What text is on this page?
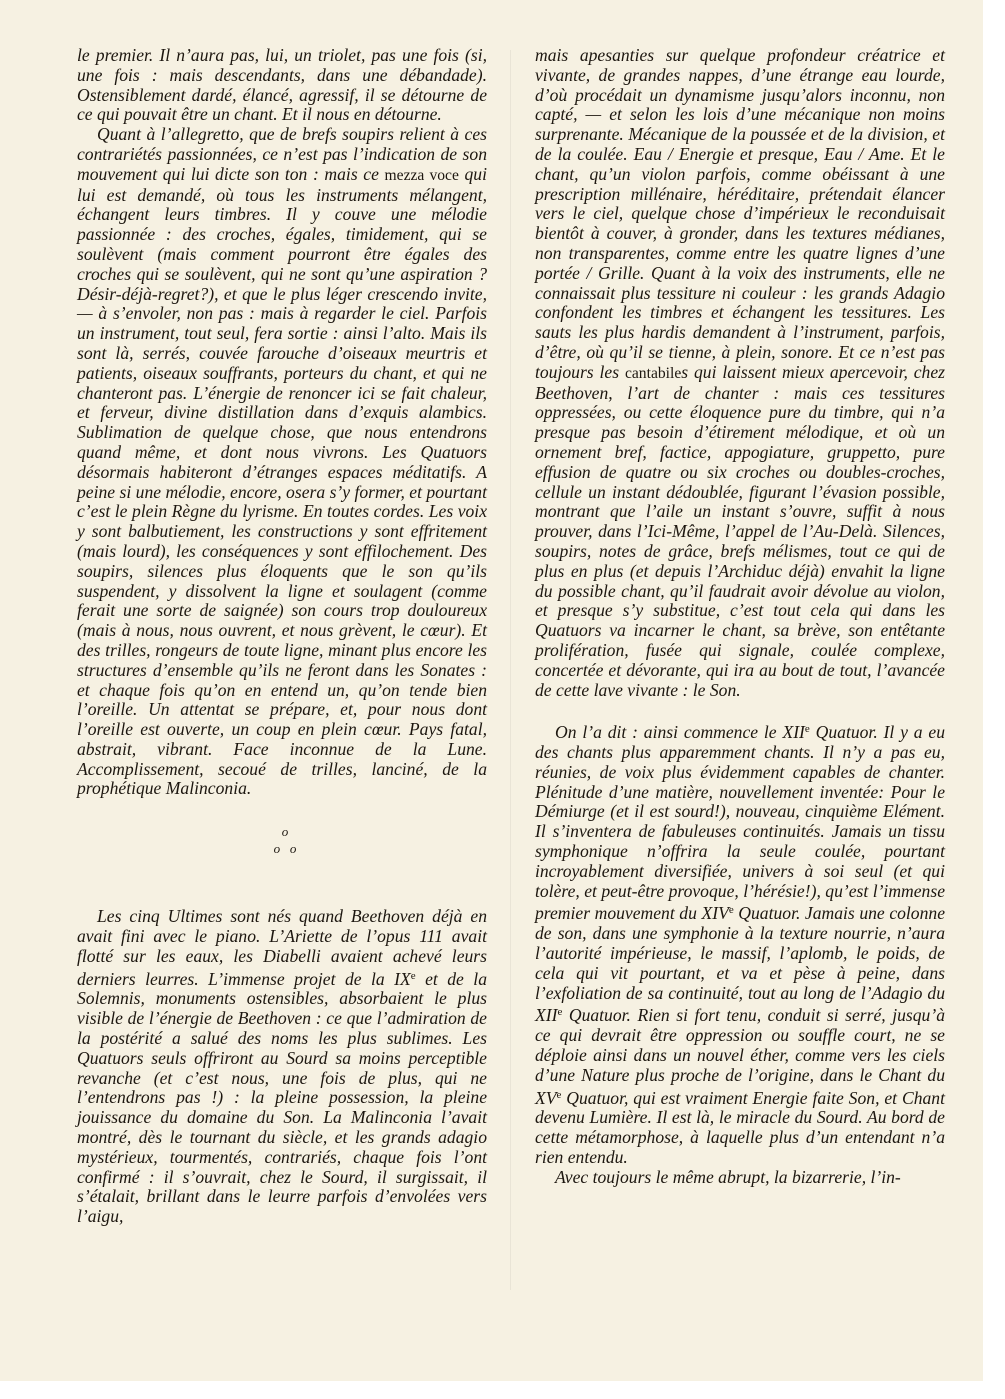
le premier. Il n’aura pas, lui, un triolet, pas une fois (si, une fois : mais descendants, dans une débandade). Ostensiblement dardé, élancé, agressif, il se détourne de ce qui pouvait être un chant. Et il nous en détourne.

Quant à l’allegretto, que de brefs soupirs relient à ces contrariétés passionnées, ce n’est pas l’indication de son mouvement qui lui dicte son ton : mais ce mezza voce qui lui est demandé, où tous les instruments mélangent, échangent leurs timbres. Il y couve une mélodie passionnée : des croches, égales, timidement, qui se soulèvent (mais comment pourront être égales des croches qui se soulèvent, qui ne sont qu’une aspiration ? Désir-déjà-regret?), et que le plus léger crescendo invite, — à s’envoler, non pas : mais à regarder le ciel. Parfois un instrument, tout seul, fera sortie : ainsi l’alto. Mais ils sont là, serrés, couvée farouche d’oiseaux meurtris et patients, oiseaux souffrants, porteurs du chant, et qui ne chanteront pas. L’énergie de renoncer ici se fait chaleur, et ferveur, divine distillation dans d’exquis alambics. Sublimation de quelque chose, que nous entendrons quand même, et dont nous vivrons. Les Quatuors désormais habiteront d’étranges espaces méditatifs. A peine si une mélodie, encore, osera s’y former, et pourtant c’est le plein Règne du lyrisme. En toutes cordes. Les voix y sont balbutiement, les constructions y sont effritement (mais lourd), les conséquences y sont effilochement. Des soupirs, silences plus éloquents que le son qu’ils suspendent, y dissolvent la ligne et soulagent (comme ferait une sorte de saignée) son cours trop douloureux (mais à nous, nous ouvrent, et nous grèvent, le cœur). Et des trilles, rongeurs de toute ligne, minant plus encore les structures d’ensemble qu’ils ne feront dans les Sonates : et chaque fois qu’on en entend un, qu’on tende bien l’oreille. Un attentat se prépare, et, pour nous dont l’oreille est ouverte, un coup en plein cœur. Pays fatal, abstrait, vibrant. Face inconnue de la Lune. Accomplissement, secoué de trilles, lanciné, de la prophétique Malinconia.

o
o   o

Les cinq Ultimes sont nés quand Beethoven déjà en avait fini avec le piano. L’Ariette de l’opus 111 avait flotté sur les eaux, les Diabelli avaient achevé leurs derniers leurres. L’immense projet de la IXe et de la Solemnis, monuments ostensibles, absorbaient le plus visible de l’énergie de Beethoven : ce que l’admiration de la postérité a salué des noms les plus sublimes. Les Quatuors seuls offriront au Sourd sa moins perceptible revanche (et c’est nous, une fois de plus, qui ne l’entendrons pas !) : la pleine possession, la pleine jouissance du domaine du Son. La Malinconia l’avait montré, dès le tournant du siècle, et les grands adagio mystérieux, tourmentés, contrariés, chaque fois l’ont confirmé : il s’ouvrait, chez le Sourd, il surgissait, il s’étalait, brillant dans le leurre parfois d’envolées vers l’aigu,

mais apesanties sur quelque profondeur créatrice et vivante, de grandes nappes, d’une étrange eau lourde, d’où procédait un dynamisme jusqu’alors inconnu, non capté, — et selon les lois d’une mécanique non moins surprenante. Mécanique de la poussée et de la division, et de la coulée. Eau / Energie et presque, Eau / Ame. Et le chant, qu’un violon parfois, comme obéissant à une prescription millénaire, héréditaire, prétendait élancer vers le ciel, quelque chose d’impérieux le reconduisait bientôt à couver, à gronder, dans les textures médianes, non transparentes, comme entre les quatre lignes d’une portée / Grille. Quant à la voix des instruments, elle ne connaissait plus tessiture ni couleur : les grands Adagio confondent les timbres et échangent les tessitures. Les sauts les plus hardis demandent à l’instrument, parfois, d’être, où qu’il se tienne, à plein, sonore. Et ce n’est pas toujours les cantabiles qui laissent mieux apercevoir, chez Beethoven, l’art de chanter : mais ces tessitures oppressées, ou cette éloquence pure du timbre, qui n’a presque pas besoin d’étirement mélodique, et où un ornement bref, factice, appogiature, gruppetto, pure effusion de quatre ou six croches ou doubles-croches, cellule un instant dédoublée, figurant l’évasion possible, montrant que l’aile un instant s’ouvre, suffit à nous prouver, dans l’Ici-Même, l’appel de l’Au-Delà. Silences, soupirs, notes de grâce, brefs mélismes, tout ce qui de plus en plus (et depuis l’Archiduc déjà) envahit la ligne du possible chant, qu’il faudrait avoir dévolue au violon, et presque s’y substitue, c’est tout cela qui dans les Quatuors va incarner le chant, sa brève, son entêtante prolifération, fusée qui signale, coulée complexe, concertée et dévorante, qui ira au bout de tout, l’avancée de cette lave vivante : le Son.

On l’a dit : ainsi commence le XIIe Quatuor. Il y a eu des chants plus apparemment chants. Il n’y a pas eu, réunies, de voix plus évidemment capables de chanter. Plénitude d’une matière, nouvellement inventée: Pour le Démiurge (et il est sourd!), nouveau, cinquième Elément. Il s’inventera de fabuleuses continuités. Jamais un tissu symphonique n’offrira la seule coulée, pourtant incroyablement diversifiée, univers à soi seul (et qui tolère, et peut-être provoque, l’hérésie!), qu’est l’immense premier mouvement du XIVe Quatuor. Jamais une colonne de son, dans une symphonie à la texture nourrie, n’aura l’autorité impérieuse, le massif, l’aplomb, le poids, de cela qui vit pourtant, et va et pèse à peine, dans l’exfoliation de sa continuité, tout au long de l’Adagio du XIIe Quatuor. Rien si fort tenu, conduit si serré, jusqu’à ce qui devrait être oppression ou souffle court, ne se déploie ainsi dans un nouvel éther, comme vers les ciels d’une Nature plus proche de l’origine, dans le Chant du XVe Quatuor, qui est vraiment Energie faite Son, et Chant devenu Lumière. Il est là, le miracle du Sourd. Au bord de cette métamorphose, à laquelle plus d’un entendant n’a rien entendu.

Avec toujours le même abrupt, la bizarrerie, l’in-
